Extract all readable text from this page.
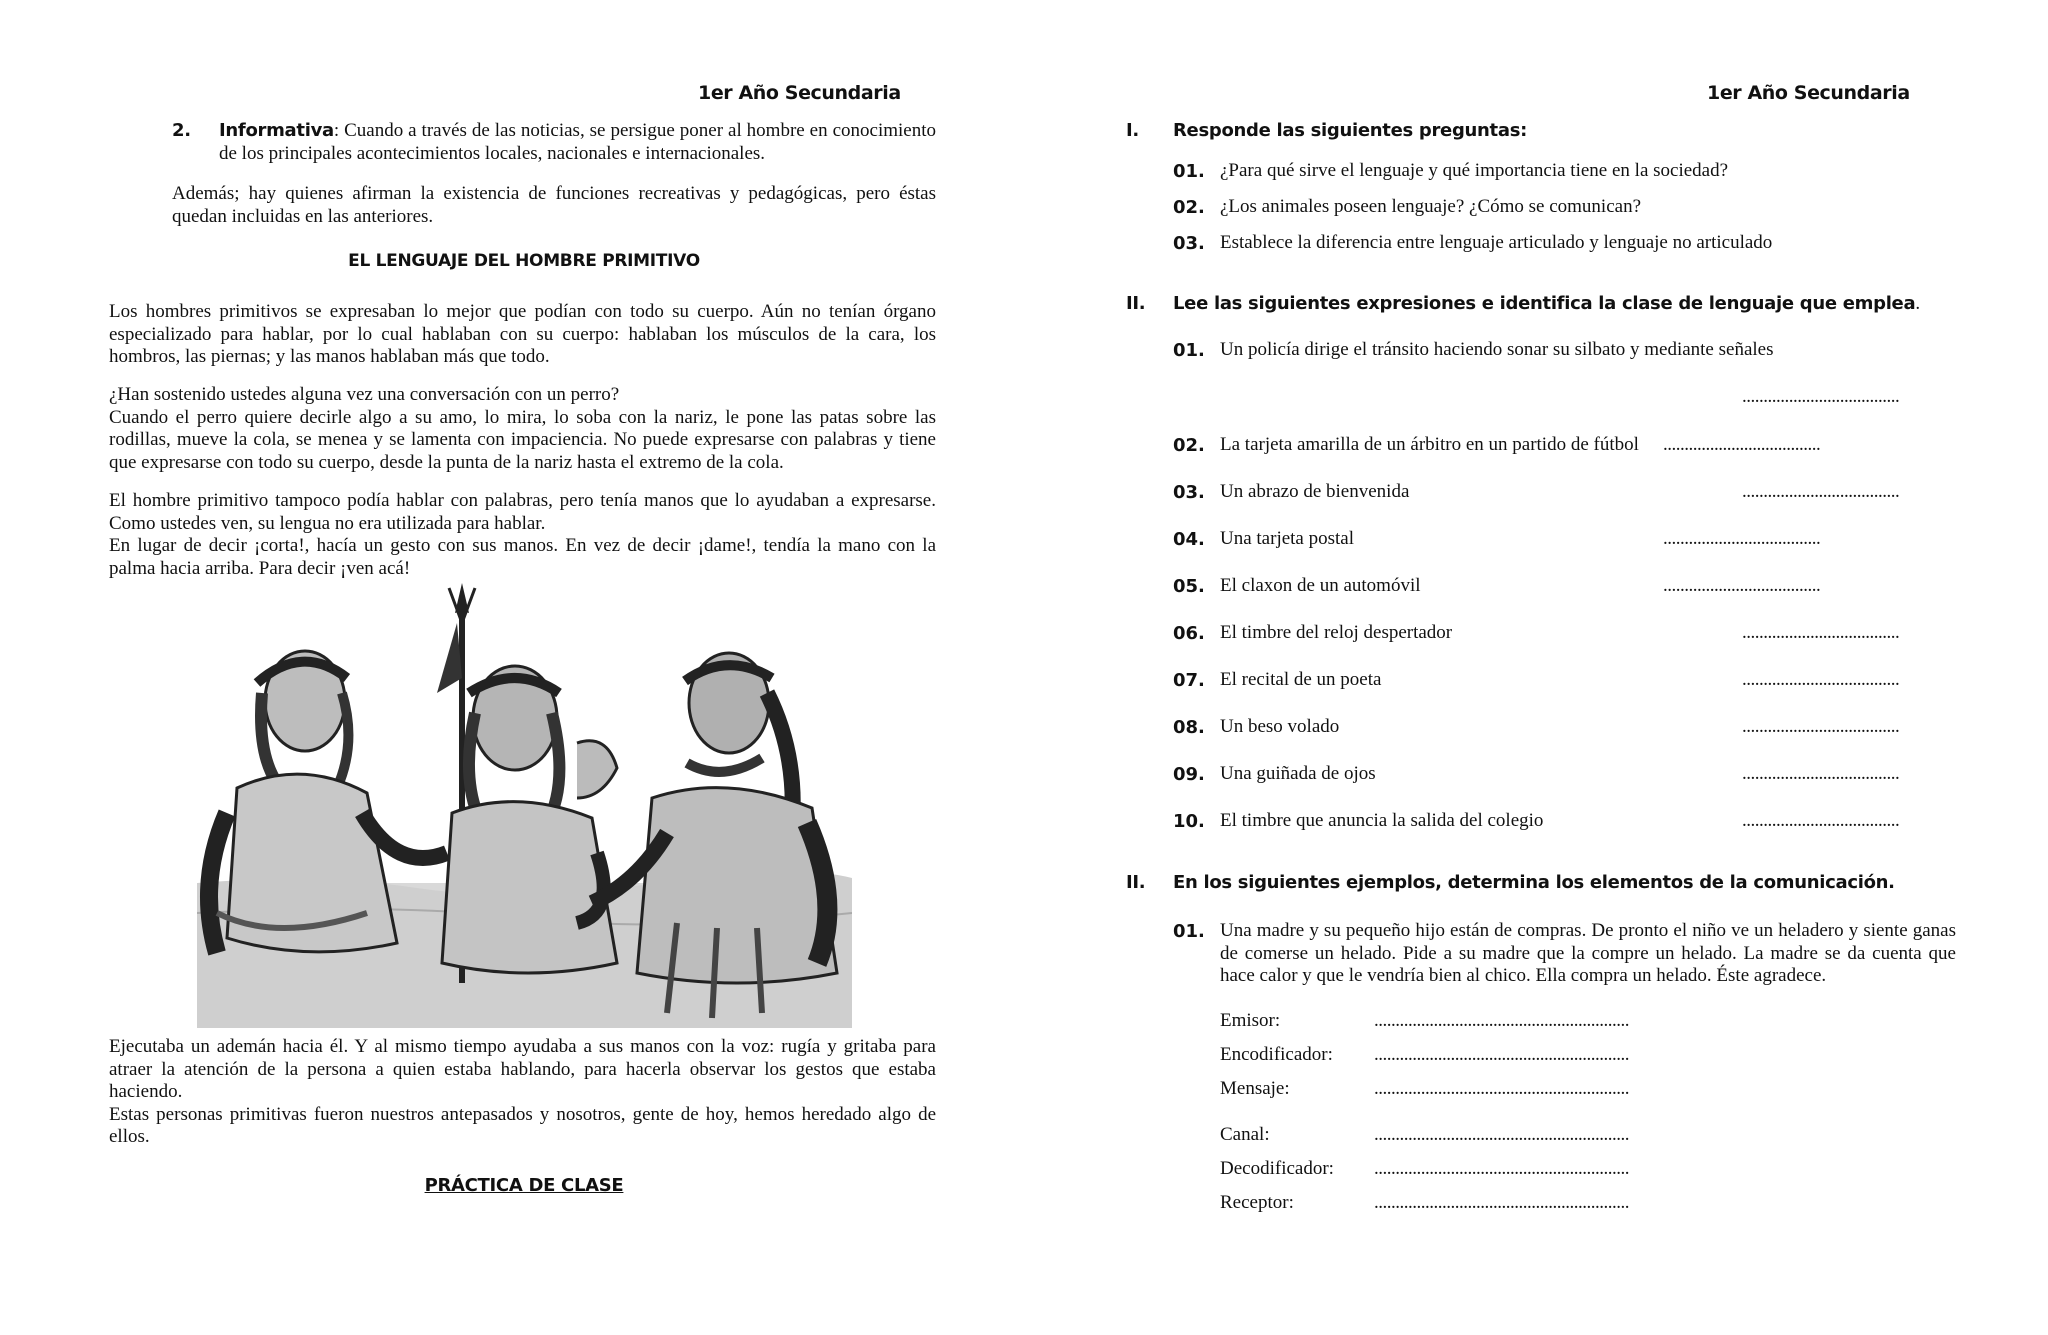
1er Año Secundaria
2. Informativa: Cuando a través de las noticias, se persigue poner al hombre en conocimiento de los principales acontecimientos locales, nacionales e internacionales.

Además; hay quienes afirman la existencia de funciones recreativas y pedagógicas, pero éstas quedan incluidas en las anteriores.

EL LENGUAJE DEL HOMBRE PRIMITIVO

Los hombres primitivos se expresaban lo mejor que podían con todo su cuerpo. Aún no tenían órgano especializado para hablar, por lo cual hablaban con su cuerpo: hablaban los músculos de la cara, los hombros, las piernas; y las manos hablaban más que todo.

¿Han sostenido ustedes alguna vez una conversación con un perro?

Cuando el perro quiere decirle algo a su amo, lo mira, lo soba con la nariz, le pone las patas sobre las rodillas, mueve la cola, se menea y se lamenta con impaciencia. No puede expresarse con palabras y tiene que expresarse con todo su cuerpo, desde la punta de la nariz hasta el extremo de la cola.

El hombre primitivo tampoco podía hablar con palabras, pero tenía manos que lo ayudaban a expresarse. Como ustedes ven, su lengua no era utilizada para hablar.

En lugar de decir ¡corta!, hacía un gesto con sus manos. En vez de decir ¡dame!, tendía la mano con la palma hacia arriba. Para decir ¡ven acá!

Ejecutaba un ademán hacia él. Y al mismo tiempo ayudaba a sus manos con la voz: rugía y gritaba para atraer la atención de la persona a quien estaba hablando, para hacerla observar los gestos que estaba haciendo.

Estas personas primitivas fueron nuestros antepasados y nosotros, gente de hoy, hemos heredado algo de ellos.

PRÁCTICA DE CLASE
1er Año Secundaria
I. Responde las siguientes preguntas:
01. ¿Para qué sirve el lenguaje y qué importancia tiene en la sociedad?
02. ¿Los animales poseen lenguaje? ¿Cómo se comunican?
03. Establece la diferencia entre lenguaje articulado y lenguaje no articulado
II. Lee las siguientes expresiones e identifica la clase de lenguaje que emplea.
01. Un policía dirige el tránsito haciendo sonar su silbato y mediante señales
.....................................
02. La tarjeta amarilla de un árbitro en un partido de fútbol .....................................
03. Un abrazo de bienvenida	.....................................
04. Una tarjeta postal	.....................................
05. El claxon de un automóvil	.....................................
06. El timbre del reloj despertador	.....................................
07. El recital de un poeta	.....................................
08. Un beso volado	.....................................
09. Una guiñada de ojos	.....................................
10. El timbre que anuncia la salida del colegio	.....................................
II. En los siguientes ejemplos, determina los elementos de la comunicación.
01. Una madre y su pequeño hijo están de compras. De pronto el niño ve un heladero y siente ganas de comerse un helado. Pide a su madre que la compre un helado. La madre se da cuenta que hace calor y que le vendría bien al chico. Ella compra un helado. Éste agradece.

Emisor:	............................................................
Encodificador: ............................................................
Mensaje:	............................................................
Canal:	............................................................
Decodificador: ............................................................
Receptor:	............................................................
